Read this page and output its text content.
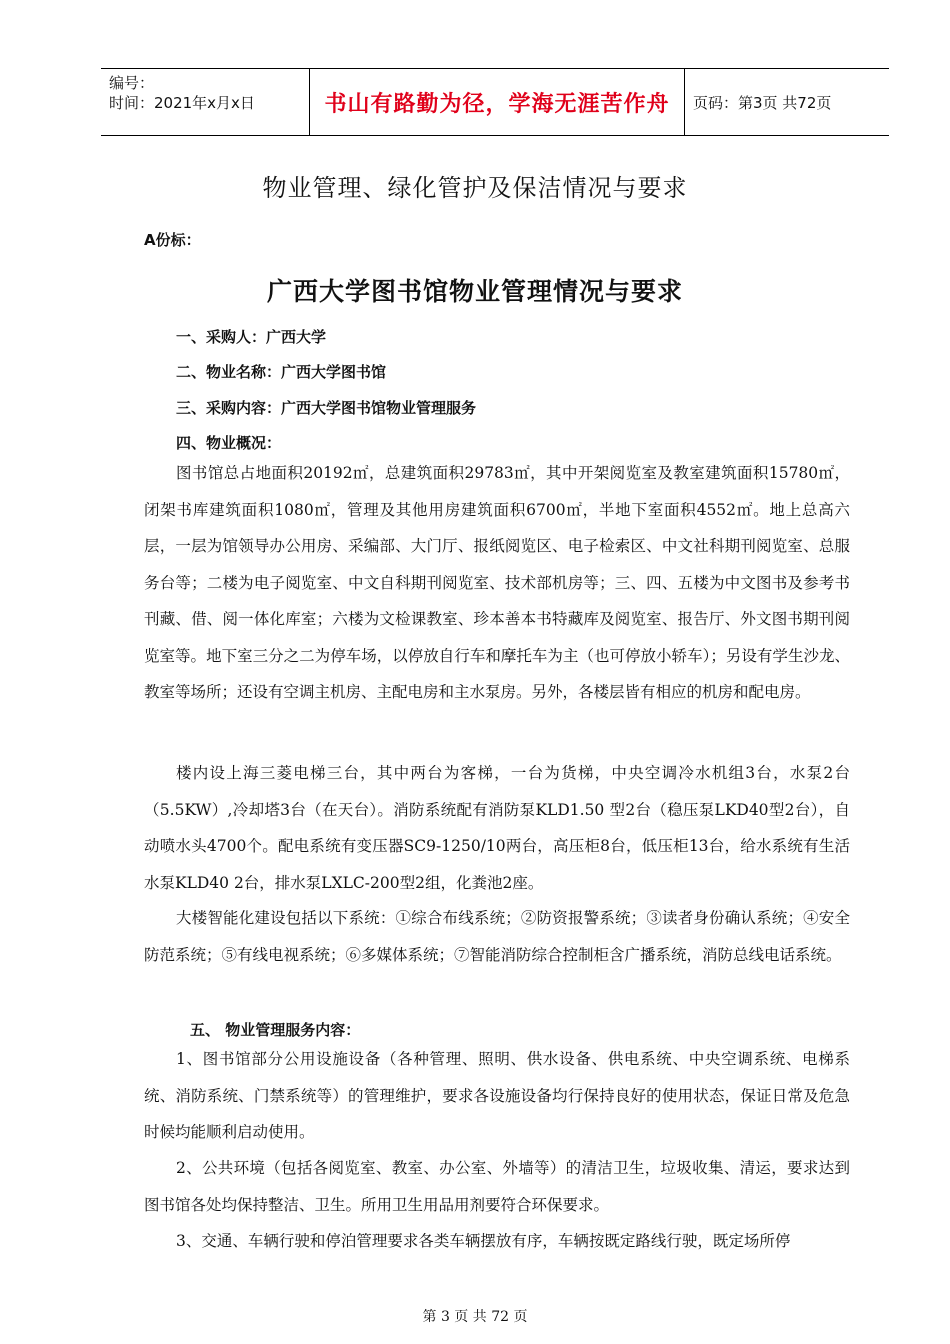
编号：
时间：2021年x月x日	书山有路勤为径，学海无涯苦作舟	页码：第3页 共72页
物业管理、绿化管护及保洁情况与要求
A份标：
广西大学图书馆物业管理情况与要求
一、采购人：广西大学
二、物业名称：广西大学图书馆
三、采购内容：广西大学图书馆物业管理服务
四、物业概况：

图书馆总占地面积20192㎡，总建筑面积29783㎡，其中开架阅览室及教室建筑面积15780㎡，闭架书库建筑面积1080㎡，管理及其他用房建筑面积6700㎡，半地下室面积4552㎡。地上总高六层，一层为馆领导办公用房、采编部、大门厅、报纸阅览区、电子检索区、中文社科期刊阅览室、总服务台等；二楼为电子阅览室、中文自科期刊阅览室、技术部机房等；三、四、五楼为中文图书及参考书刊藏、借、阅一体化库室；六楼为文检课教室、珍本善本书特藏库及阅览室、报告厅、外文图书期刊阅览室等。地下室三分之二为停车场，以停放自行车和摩托车为主（也可停放小轿车）；另设有学生沙龙、教室等场所；还设有空调主机房、主配电房和主水泵房。另外，各楼层皆有相应的机房和配电房。

楼内设上海三菱电梯三台，其中两台为客梯，一台为货梯，中央空调冷水机组3台，水泵2台（5.5KW）,冷却塔3台（在天台）。消防系统配有消防泵KLD1.50 型2台（稳压泵LKD40型2台），自动喷水头4700个。配电系统有变压器SC9-1250/10两台，高压柜8台，低压柜13台，给水系统有生活水泵KLD40 2台，排水泵LXLC-200型2组，化粪池2座。

大楼智能化建设包括以下系统：①综合布线系统；②防资报警系统；③读者身份确认系统；④安全防范系统；⑤有线电视系统；⑥多媒体系统；⑦智能消防综合控制柜含广播系统，消防总线电话系统。

五、 物业管理服务内容：

1、图书馆部分公用设施设备（各种管理、照明、供水设备、供电系统、中央空调系统、电梯系统、消防系统、门禁系统等）的管理维护，要求各设施设备均行保持良好的使用状态，保证日常及危急时候均能顺利启动使用。

2、公共环境（包括各阅览室、教室、办公室、外墙等）的清洁卫生，垃圾收集、清运，要求达到图书馆各处均保持整洁、卫生。所用卫生用品用剂要符合环保要求。

3、交通、车辆行驶和停泊管理要求各类车辆摆放有序，车辆按既定路线行驶，既定场所停

第 3 页 共 72 页
